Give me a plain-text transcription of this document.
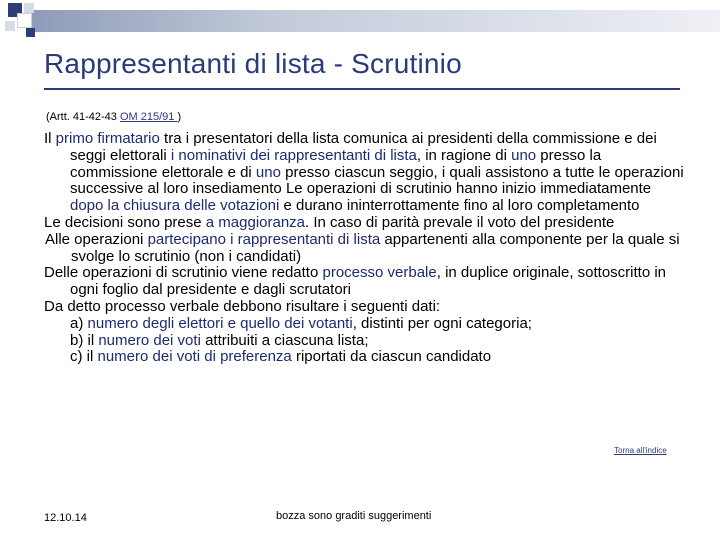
Rappresentanti di lista - Scrutinio
(Artt. 41-42-43 OM 215/91 )

Il primo firmatario tra i presentatori della lista comunica ai presidenti della commissione e dei seggi elettorali i nominativi dei rappresentanti di lista, in ragione di uno presso la commissione elettorale e di uno presso ciascun seggio, i quali assistono a tutte le operazioni successive al loro insediamento Le operazioni di scrutinio hanno inizio immediatamente dopo la chiusura delle votazioni e durano ininterrottamente fino al loro completamento

Le decisioni sono prese a maggioranza. In caso di parità prevale il voto del presidente

Alle operazioni partecipano i rappresentanti di lista appartenenti alla componente per la quale si svolge lo scrutinio (non i candidati)

Delle operazioni di scrutinio viene redatto processo verbale, in duplice originale, sottoscritto in ogni foglio dal presidente e dagli scrutatori

Da detto processo verbale debbono risultare i seguenti dati:

a) numero degli elettori e quello dei votanti, distinti per ogni categoria;

b) il numero dei voti attribuiti a ciascuna lista;

c) il numero dei voti di preferenza riportati da ciascun candidato

Torna all'indice
12.10.14	bozza sono graditi suggerimenti
